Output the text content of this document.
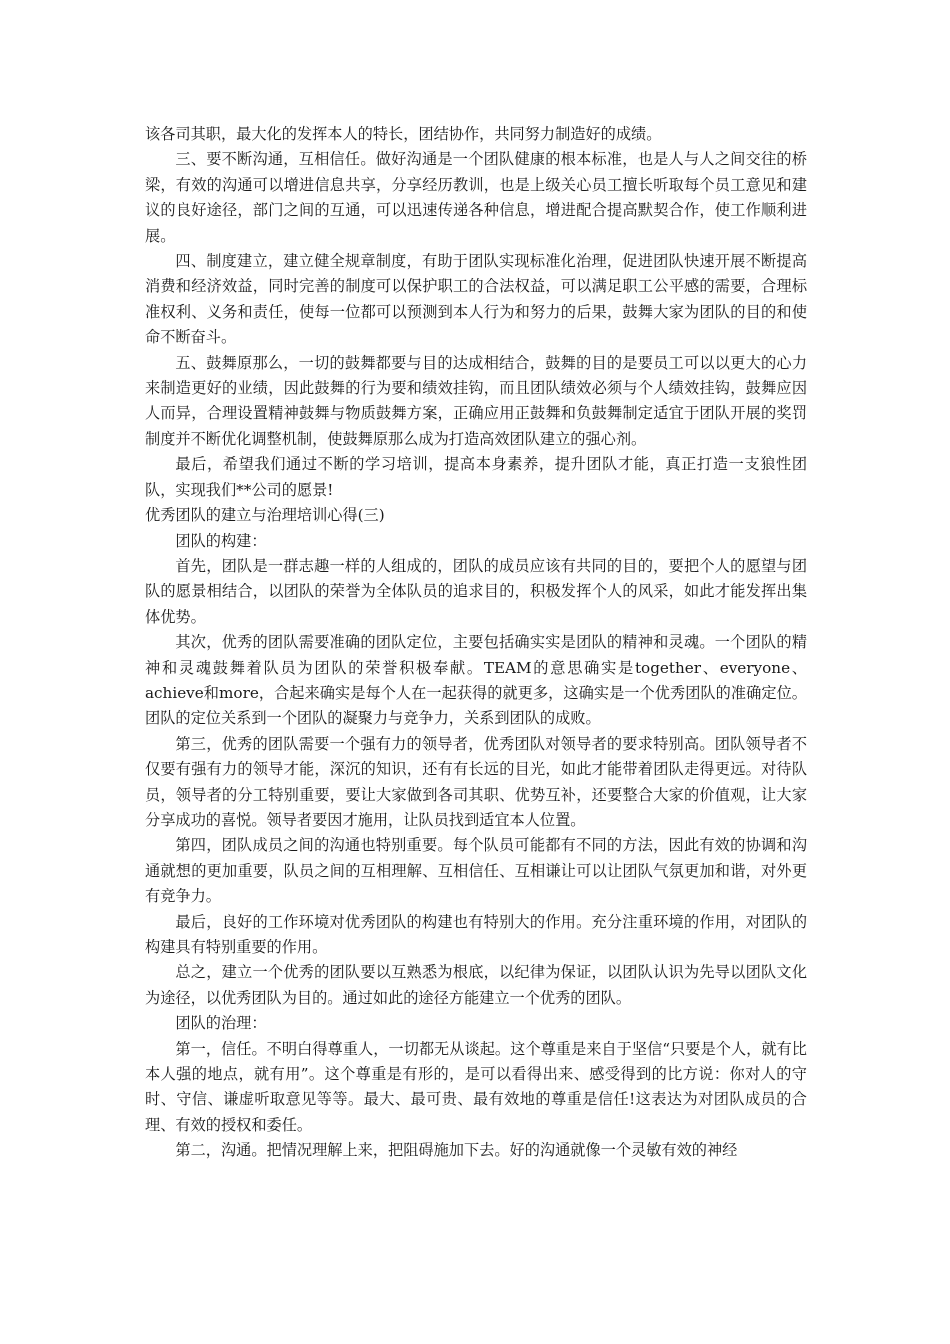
该各司其职，最大化的发挥本人的特长，团结协作，共同努力制造好的成绩。

三、要不断沟通，互相信任。做好沟通是一个团队健康的根本标准，也是人与人之间交往的桥梁，有效的沟通可以增进信息共享，分享经历教训，也是上级关心员工擅长听取每个员工意见和建议的良好途径，部门之间的互通，可以迅速传递各种信息，增进配合提高默契合作，使工作顺利进展。

四、制度建立，建立健全规章制度，有助于团队实现标准化治理，促进团队快速开展不断提高消费和经济效益，同时完善的制度可以保护职工的合法权益，可以满足职工公平感的需要，合理标准权利、义务和责任，使每一位都可以预测到本人行为和努力的后果，鼓舞大家为团队的目的和使命不断奋斗。

五、鼓舞原那么，一切的鼓舞都要与目的达成相结合，鼓舞的目的是要员工可以以更大的心力来制造更好的业绩，因此鼓舞的行为要和绩效挂钩，而且团队绩效必须与个人绩效挂钩，鼓舞应因人而异，合理设置精神鼓舞与物质鼓舞方案，正确应用正鼓舞和负鼓舞制定适宜于团队开展的奖罚制度并不断优化调整机制，使鼓舞原那么成为打造高效团队建立的强心剂。

最后，希望我们通过不断的学习培训，提高本身素养，提升团队才能，真正打造一支狼性团队，实现我们**公司的愿景!

优秀团队的建立与治理培训心得(三)

团队的构建：

首先，团队是一群志趣一样的人组成的，团队的成员应该有共同的目的，要把个人的愿望与团队的愿景相结合，以团队的荣誉为全体队员的追求目的，积极发挥个人的风采，如此才能发挥出集体优势。

其次，优秀的团队需要准确的团队定位，主要包括确实实是团队的精神和灵魂。一个团队的精神和灵魂鼓舞着队员为团队的荣誉积极奉献。TEAM的意思确实是together、everyone、achieve和more，合起来确实是每个人在一起获得的就更多，这确实是一个优秀团队的准确定位。团队的定位关系到一个团队的凝聚力与竞争力，关系到团队的成败。

第三，优秀的团队需要一个强有力的领导者，优秀团队对领导者的要求特别高。团队领导者不仅要有强有力的领导才能，深沉的知识，还有有长远的目光，如此才能带着团队走得更远。对待队员，领导者的分工特别重要，要让大家做到各司其职、优势互补，还要整合大家的价值观，让大家分享成功的喜悦。领导者要因才施用，让队员找到适宜本人位置。

第四，团队成员之间的沟通也特别重要。每个队员可能都有不同的方法，因此有效的协调和沟通就想的更加重要，队员之间的互相理解、互相信任、互相谦让可以让团队气氛更加和谐，对外更有竞争力。

最后，良好的工作环境对优秀团队的构建也有特别大的作用。充分注重环境的作用，对团队的构建具有特别重要的作用。

总之，建立一个优秀的团队要以互熟悉为根底，以纪律为保证，以团队认识为先导以团队文化为途径，以优秀团队为目的。通过如此的途径方能建立一个优秀的团队。

团队的治理：

第一，信任。不明白得尊重人，一切都无从谈起。这个尊重是来自于坚信“只要是个人，就有比本人强的地点，就有用”。这个尊重是有形的，是可以看得出来、感受得到的比方说：你对人的守时、守信、谦虚听取意见等等。最大、最可贵、最有效地的尊重是信任!这表达为对团队成员的合理、有效的授权和委任。

第二，沟通。把情况理解上来，把阻碍施加下去。好的沟通就像一个灵敏有效的神经
